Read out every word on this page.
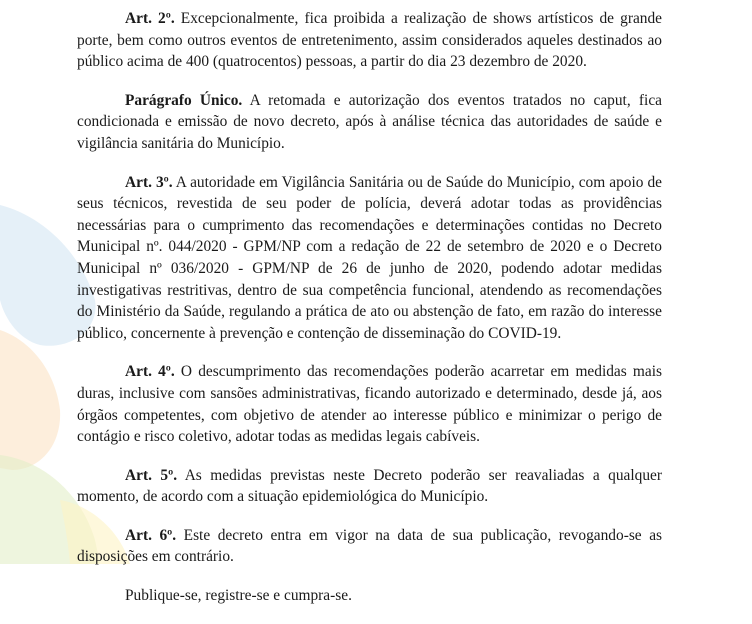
Art. 2º. Excepcionalmente, fica proibida a realização de shows artísticos de grande porte, bem como outros eventos de entretenimento, assim considerados aqueles destinados ao público acima de 400 (quatrocentos) pessoas, a partir do dia 23 dezembro de 2020.

Parágrafo Único. A retomada e autorização dos eventos tratados no caput, fica condicionada e emissão de novo decreto, após à análise técnica das autoridades de saúde e vigilância sanitária do Município.

Art. 3º. A autoridade em Vigilância Sanitária ou de Saúde do Município, com apoio de seus técnicos, revestida de seu poder de polícia, deverá adotar todas as providências necessárias para o cumprimento das recomendações e determinações contidas no Decreto Municipal nº. 044/2020 - GPM/NP com a redação de 22 de setembro de 2020 e o Decreto Municipal nº 036/2020 - GPM/NP de 26 de junho de 2020, podendo adotar medidas investigativas restritivas, dentro de sua competência funcional, atendendo as recomendações do Ministério da Saúde, regulando a prática de ato ou abstenção de fato, em razão do interesse público, concernente à prevenção e contenção de disseminação do COVID-19.

Art. 4º. O descumprimento das recomendações poderão acarretar em medidas mais duras, inclusive com sansões administrativas, ficando autorizado e determinado, desde já, aos órgãos competentes, com objetivo de atender ao interesse público e minimizar o perigo de contágio e risco coletivo, adotar todas as medidas legais cabíveis.

Art. 5º. As medidas previstas neste Decreto poderão ser reavaliadas a qualquer momento, de acordo com a situação epidemiológica do Município.

Art. 6º. Este decreto entra em vigor na data de sua publicação, revogando-se as disposições em contrário.

Publique-se, registre-se e cumpra-se.
